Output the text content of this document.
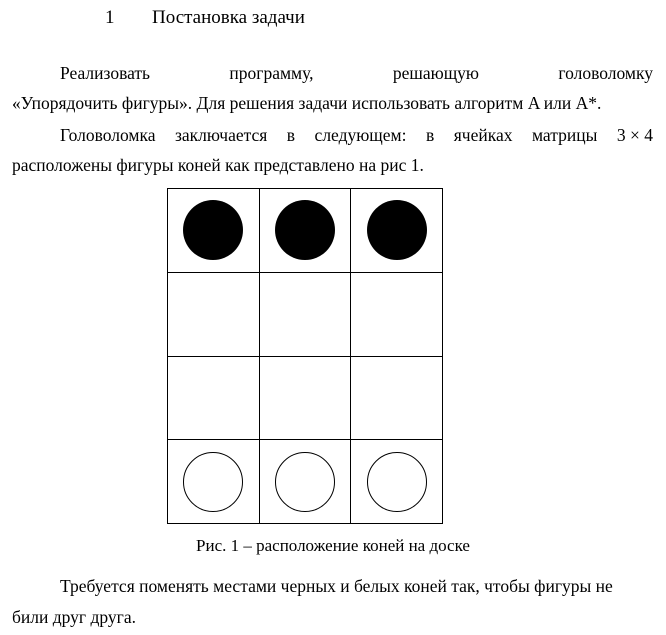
1 Постановка задачи
Реализовать	программу,	решающую	головоломку
«Упорядочить фигуры». Для решения задачи использовать алгоритм A или A*.
Головоломка заключается в следующем: в ячейках матрицы 3 × 4
расположены фигуры коней как представлено на рис 1.
Рис. 1 – расположение коней на доске
Требуется поменять местами черных и белых коней так, чтобы фигуры не
били друг друга.
